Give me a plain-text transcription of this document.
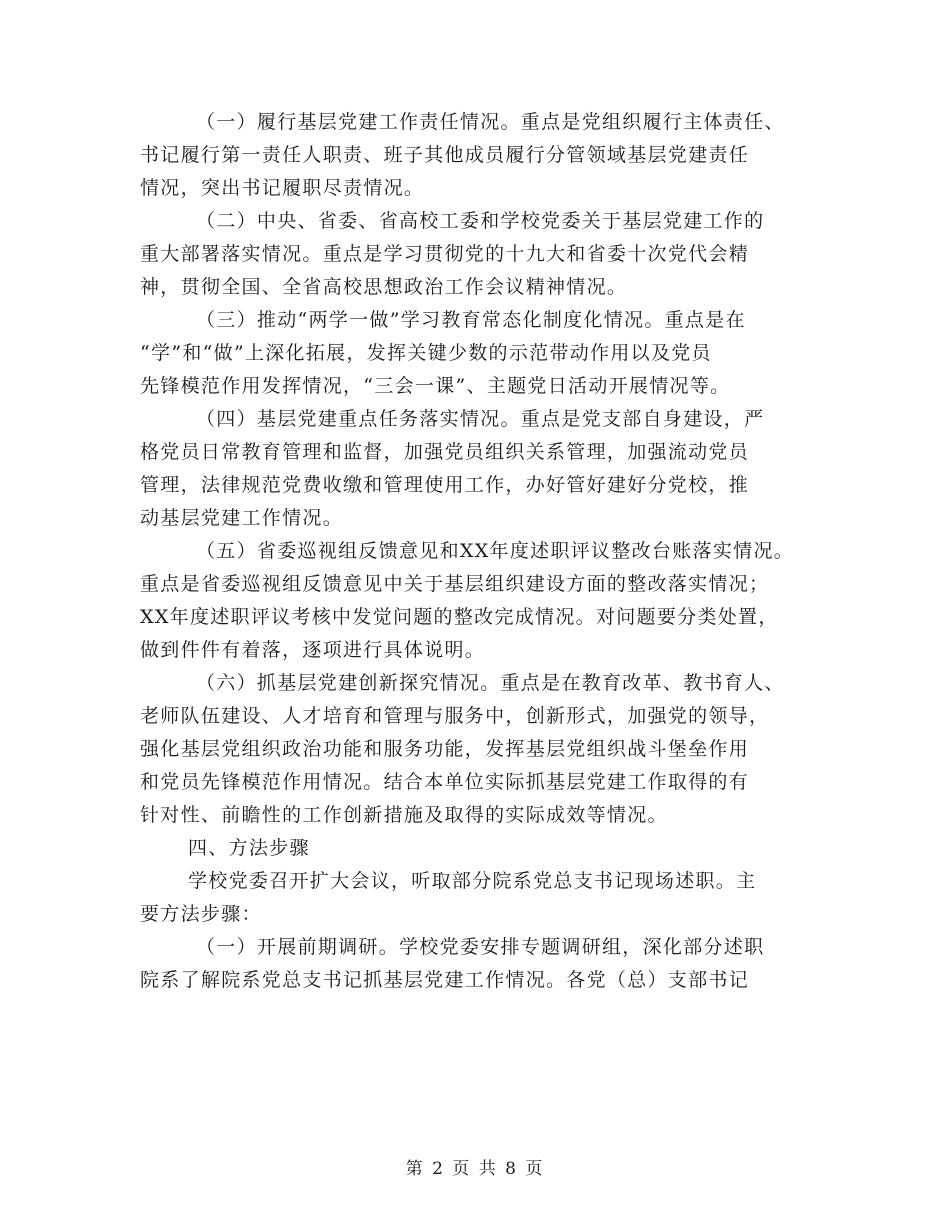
（一）履行基层党建工作责任情况。重点是党组织履行主体责任、
书记履行第一责任人职责、班子其他成员履行分管领域基层党建责任
情况，突出书记履职尽责情况。

（二）中央、省委、省高校工委和学校党委关于基层党建工作的
重大部署落实情况。重点是学习贯彻党的十九大和省委十次党代会精
神，贯彻全国、全省高校思想政治工作会议精神情况。

（三）推动“两学一做”学习教育常态化制度化情况。重点是在
“学”和“做”上深化拓展，发挥关键少数的示范带动作用以及党员
先锋模范作用发挥情况，“三会一课”、主题党日活动开展情况等。

（四）基层党建重点任务落实情况。重点是党支部自身建设，严
格党员日常教育管理和监督，加强党员组织关系管理，加强流动党员
管理，法律规范党费收缴和管理使用工作，办好管好建好分党校，推
动基层党建工作情况。

（五）省委巡视组反馈意见和XX年度述职评议整改台账落实情况。
重点是省委巡视组反馈意见中关于基层组织建设方面的整改落实情况；
XX年度述职评议考核中发觉问题的整改完成情况。对问题要分类处置，
做到件件有着落，逐项进行具体说明。

（六）抓基层党建创新探究情况。重点是在教育改革、教书育人、
老师队伍建设、人才培育和管理与服务中，创新形式，加强党的领导，
强化基层党组织政治功能和服务功能，发挥基层党组织战斗堡垒作用
和党员先锋模范作用情况。结合本单位实际抓基层党建工作取得的有
针对性、前瞻性的工作创新措施及取得的实际成效等情况。

四、方法步骤

学校党委召开扩大会议，听取部分院系党总支书记现场述职。主
要方法步骤：

（一）开展前期调研。学校党委安排专题调研组，深化部分述职
院系了解院系党总支书记抓基层党建工作情况。各党（总）支部书记

第 2 页 共 8 页
